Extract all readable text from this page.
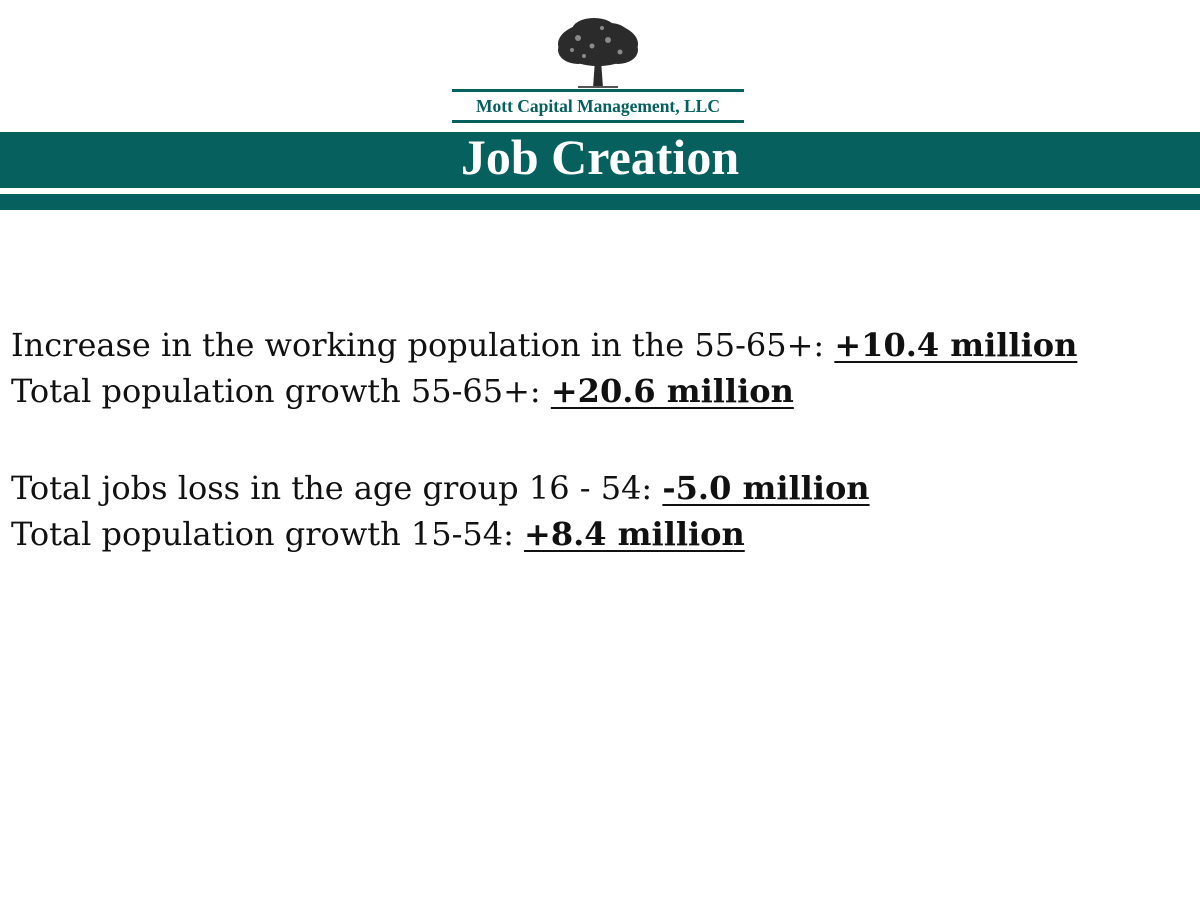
Mott Capital Management, LLC
Job Creation
Increase in the working population in the 55-65+: +10.4 million
Total population growth 55-65+: +20.6 million
Total jobs loss in the age group 16 - 54: -5.0 million
Total population growth 15-54: +8.4 million
